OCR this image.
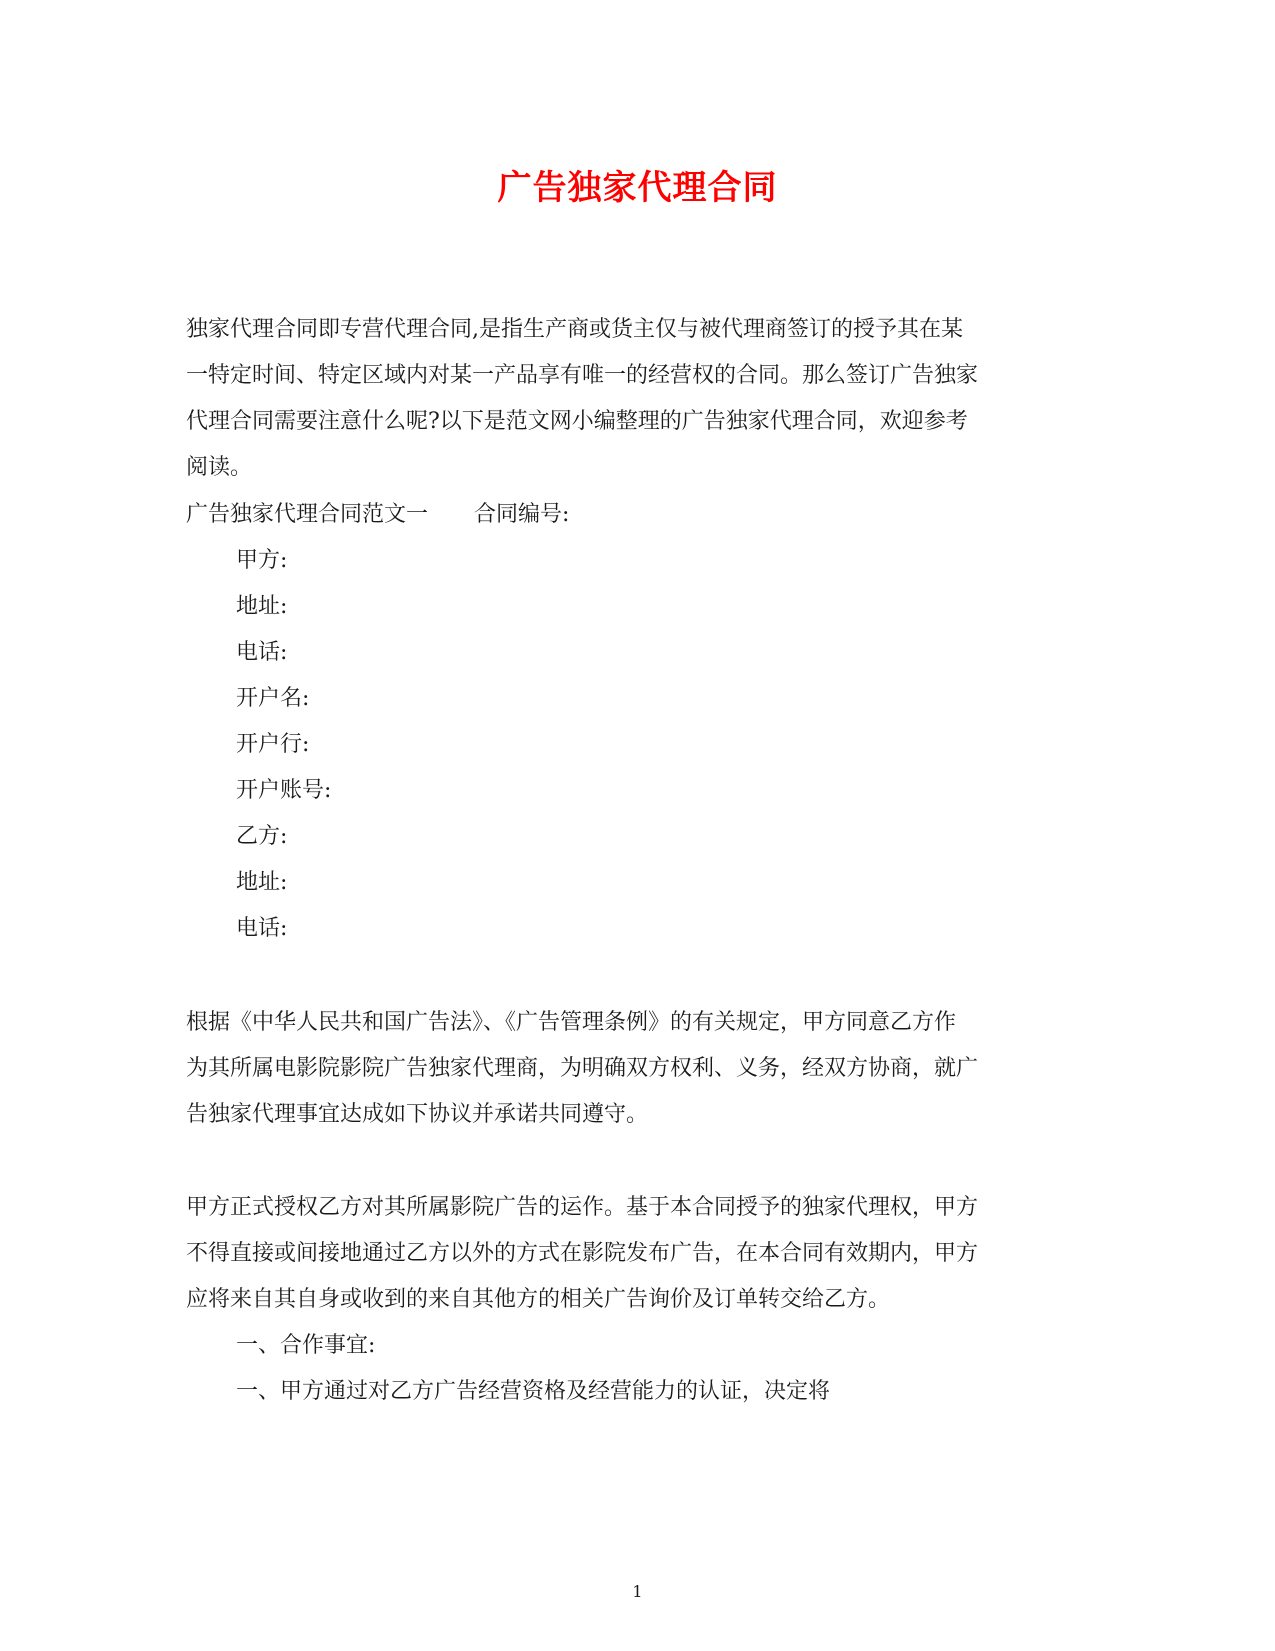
广告独家代理合同
独家代理合同即专营代理合同,是指生产商或货主仅与被代理商签订的授予其在某
一特定时间、特定区域内对某一产品享有唯一的经营权的合同。那么签订广告独家
代理合同需要注意什么呢?以下是范文网小编整理的广告独家代理合同，欢迎参考
阅读。
广告独家代理合同范文一 合同编号:
甲方:
地址:
电话:
开户名:
开户行:
开户账号:
乙方:
地址:
电话:
根据《中华人民共和国广告法》、《广告管理条例》的有关规定，甲方同意乙方作
为其所属电影院影院广告独家代理商，为明确双方权利、义务，经双方协商，就广
告独家代理事宜达成如下协议并承诺共同遵守。
甲方正式授权乙方对其所属影院广告的运作。基于本合同授予的独家代理权，甲方
不得直接或间接地通过乙方以外的方式在影院发布广告，在本合同有效期内，甲方
应将来自其自身或收到的来自其他方的相关广告询价及订单转交给乙方。
一、合作事宜:
一、甲方通过对乙方广告经营资格及经营能力的认证，决定将
1
